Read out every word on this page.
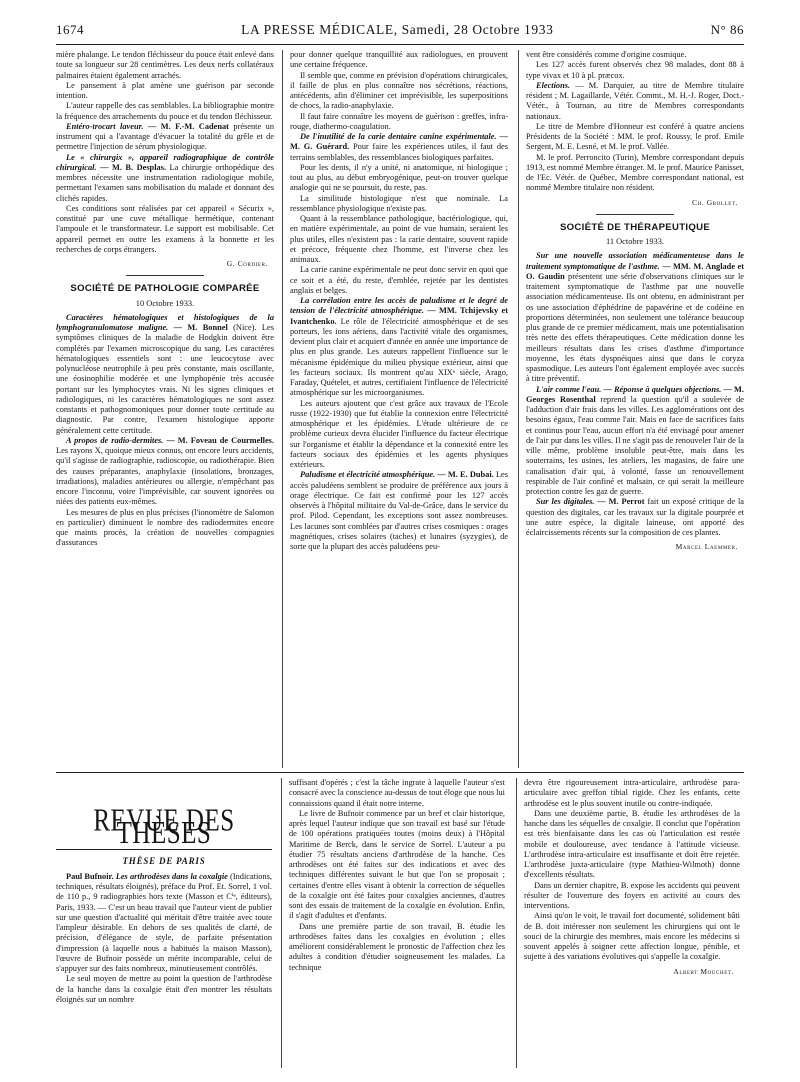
1674	LA PRESSE MÉDICALE, Samedi, 28 Octobre 1933	N° 86

mière phalange. Le tendon fléchisseur du pouce était enlevé dans toute sa longueur sur 28 centimètres. Les deux nerfs collatéraux palmaires étaient également arrachés.

Le pansement à plat amène une guérison par seconde intention.

L'auteur rappelle des cas semblables. La bibliographie montre la fréquence des arrachements du pouce et du tendon fléchisseur.

Entéro-trocart laveur. — M. F.-M. Cadenat présente un instrument qui a l'avantage d'évacuer la totalité du grêle et de permettre l'injection de sérum physiologique.

Le « chirurgix », appareil radiographique de contrôle chirurgical. — M. B. Desplas. La chirurgie orthopédique des membres nécessite une instrumentation radiologique mobile, permettant l'examen sans mobilisation du malade et donnant des clichés rapides.

Ces conditions sont réalisées par cet appareil « Sécurix », constitué par une cuve métallique hermétique, contenant l'ampoule et le transformateur. Le support est mobilisable. Cet appareil permet en outre les examens à la bonnette et les recherches de corps étrangers.

G. Cordier.
SOCIÉTÉ DE PATHOLOGIE COMPARÉE
10 Octobre 1933.

Caractères hématologiques et histologiques de la lymphogranulomatose maligne. — M. Bonnel (Nice). Les symptômes cliniques de la maladie de Hodgkin doivent être complétés par l'examen microscopique du sang. Les caractères hématologiques essentiels sont : une leucocytose avec polynucléose neutrophile à peu près constante, mais oscillante, une éosinophilie modérée et une lymphopénie très accusée portant sur les lymphocytes vrais. Ni les signes cliniques et radiologiques, ni les caractères hématologiques ne sont assez constants et pathognomoniques pour donner toute certitude au diagnostic. Par contre, l'examen histologique apporte généralement cette certitude.

A propos de radio-dermites. — M. Foveau de Courmelles. Les rayons X, quoique mieux connus, ont encore leurs accidents, qu'il s'agisse de radiographie, radioscopie, ou radiothérapie. Bien des causes préparantes, anaphylaxie (insolations, bronzages, irradiations), maladies antérieures ou allergie, n'empêchant pas encore l'inconnu, voire l'imprévisible, car souvent ignorées ou niées des patients eux-mêmes.

Les mesures de plus en plus précises (l'ionomètre de Salomon en particulier) diminuent le nombre des radiodermites encore que maints procès, la création de nouvelles compagnies d'assurances

pour donner quelque tranquillité aux radiologues, en prouvent une certaine fréquence.

Il semble que, comme en prévision d'opérations chirurgicales, il faille de plus en plus connaître nos sécrétions, réactions, antécédents, afin d'éliminer cet imprévisible, les superpositions de chocs, la radio-anaphylaxie.

Il faut faire connaître les moyens de guérison : greffes, infra-rouge, diathermo-coagulation.

De l'inutilité de la carie dentaire canine expérimentale. — M. G. Guérard. Pour faire les expériences utiles, il faut des terrains semblables, des ressemblances biologiques parfaites.

Pour les dents, il n'y a unité, ni anatomique, ni biologique ; tout au plus, au début embryogénique, peut-on trouver quelque analogie qui ne se poursuit, du reste, pas.

La similitude histologique n'est que nominale. La ressemblance physiologique n'existe pas.

Quant à la ressemblance pathologique, bactériologique, qui, en matière expérimentale, au point de vue humain, seraient les plus utiles, elles n'existent pas : la carie dentaire, souvent rapide et précoce, fréquente chez l'homme, est l'inverse chez les animaux.

La carie canine expérimentale ne peut donc servir en quoi que ce soit et a été, du reste, d'emblée, rejetée par les dentistes anglais et belges.

La corrélation entre les accès de paludisme et le degré de tension de l'électricité atmosphérique. — MM. Tchijevsky et Ivantchenko. Le rôle de l'électricité atmosphérique et de ses porteurs, les ions aériens, dans l'activité vitale des organismes, devient plus clair et acquiert d'année en année une importance de plus en plus grande. Les auteurs rappellent l'influence sur le mécanisme épidémique du milieu physique extérieur, ainsi que les facteurs sociaux. Ils montrent qu'au XIXᵉ siècle, Arago, Faraday, Quételet, et autres, certifiaient l'influence de l'électricité atmosphérique sur les microorganismes.

Les auteurs ajoutent que c'est grâce aux travaux de l'Ecole russe (1922-1930) que fut établie la connexion entre l'électricité atmosphérique et les épidémies. L'étude ultérieure de ce problème curieux devra élucider l'influence du facteur électrique sur l'organisme et établir la dépendance et la connexité entre les facteurs sociaux des épidémies et les agents physiques extérieurs.

Paludisme et électricité atmosphérique. — M. E. Dubai. Les accès paludéens semblent se produire de préférence aux jours à orage électrique. Ce fait est confirmé pour les 127 accès observés à l'hôpital militaire du Val-de-Grâce, dans le service du prof. Pilod. Cependant, les exceptions sont assez nombreuses. Les lacunes sont comblées par d'autres crises cosmiques : orages magnétiques, crises solaires (taches) et lunaires (syzygies), de sorte que la plupart des accès paludéens peu-

vent être considérés comme d'origine cosmique.

Les 127 accès furent observés chez 98 malades, dont 88 à type vivax et 10 à pl. præcox.

Elections. — M. Darquier, au titre de Membre titulaire résident ; M. Lagaillarde, Vétér. Commt., M. H.-J. Roger, Doct.-Vétér., à Tournan, au titre de Membres correspondants nationaux.

Le titre de Membre d'Honneur est conféré à quatre anciens Présidents de la Société : MM. le prof. Roussy, le prof. Emile Sergent, M. E. Lesné, et M. le prof. Vallée.

M. le prof. Perroncito (Turin), Membre correspondant depuis 1913, est nommé Membre étranger. M. le prof. Maurice Panisset, de l'Ec. Vétér. de Québec, Membre correspondant national, est nommé Membre titulaire non résident.

Ch. Grollet.
SOCIÉTÉ DE THÉRAPEUTIQUE
11 Octobre 1933.

Sur une nouvelle association médicamenteuse dans le traitement symptomatique de l'asthme. — MM. M. Anglade et O. Gaudin présentent une série d'observations cliniques sur le traitement symptomatique de l'asthme par une nouvelle association médicamenteuse. Ils ont obtenu, en administrant per os une association d'éphédrine de papavérine et de codéine en proportions déterminées, non seulement une tolérance beaucoup plus grande de ce premier médicament, mais une potentialisation très nette des effets thérapeutiques. Cette médication donne les meilleurs résultats dans les crises d'asthme d'importance moyenne, les états dyspnéiques ainsi que dans le coryza spasmodique. Les auteurs l'ont également employée avec succès à titre préventif.

L'air comme l'eau. — Réponse à quelques objections. — M. Georges Rosenthal reprend la question qu'il a soulevée de l'adduction d'air frais dans les villes. Les agglomérations ont des besoins égaux, l'eau comme l'air. Mais en face de sacrifices faits et continus pour l'eau, aucun effort n'a été envisagé pour amener de l'air pur dans les villes. Il ne s'agit pas de renouveler l'air de la ville même, problème insoluble peut-être, mais dans les souterrains, les usines, les ateliers, les magasins, de faire une canalisation d'air qui, à volonté, fasse un renouvellement respirable de l'air confiné et malsain, ce qui serait la meilleure protection contre les gaz de guerre.

Sur les digitales. — M. Perrot fait un exposé critique de la question des digitales, car les travaux sur la digitale pourprée et une autre espèce, la digitale laineuse, ont apporté des éclaircissements récents sur la composition de ces plantes.

Marcel Laemmer.
REVUE DES THÈSES
THÈSE DE PARIS

Paul Bufnoir. Les arthrodèses dans la coxalgie (Indications, techniques, résultats éloignés), préface du Prof. Et. Sorrel, 1 vol. de 110 p., 9 radiographies hors texte (Masson et Cⁱᵉ, éditeurs), Paris, 1933. — C'est un beau travail que l'auteur vient de publier sur une question d'actualité qui méritait d'être traitée avec toute l'ampleur désirable. En dehors de ses qualités de clarté, de précision, d'élégance de style, de parfaite présentation d'impression (à laquelle nous a habitués la maison Masson), l'œuvre de Bufnoir possède un mérite incomparable, celui de s'appuyer sur des faits nombreux, minutieusement contrôlés.

Le seul moyen de mettre au point la question de l'arthrodèse de la hanche dans la coxalgie était d'en montrer les résultats éloignés sur un nombre

suffisant d'opérés ; c'est la tâche ingrate à laquelle l'auteur s'est consacré avec la conscience au-dessus de tout éloge que nous lui connaissions quand il était notre interne.

Le livre de Bufnoir commence par un bref et clair historique, après lequel l'auteur indique que son travail est basé sur l'étude de 100 opérations pratiquées toutes (moins deux) à l'Hôpital Maritime de Berck, dans le service de Sorrel. L'auteur a pu étudier 75 résultats anciens d'arthrodèse de la hanche. Ces arthrodèses ont été faites sur des indications et avec des techniques différentes suivant le but que l'on se proposait ; certaines d'entre elles visant à obtenir la correction de séquelles de la coxalgie ont été faites pour coxalgies anciennes, d'autres sont des essais de traitement de la coxalgie en évolution. Enfin, il s'agit d'adultes et d'enfants.

Dans une première partie de son travail, B. étudie les arthrodèses faites dans les coxalgies en évolution ; elles améliorent considérablement le pronostic de l'affection chez les adultes à condition d'étudier soigneusement les malades. La technique

devra être rigoureusement intra-articulaire, arthrodèse para-articulaire avec greffon tibial rigide. Chez les enfants, cette arthrodèse est le plus souvent inutile ou contre-indiquée.

Dans une deuxième partie, B. étudie les arthrodèses de la hanche dans les séquelles de coxalgie. Il conclut que l'opération est très bienfaisante dans les cas où l'articulation est restée mobile et douloureuse, avec tendance à l'attitude vicieuse. L'arthrodèse intra-articulaire est insuffisante et doit être rejetée. L'arthrodèse juxta-articulaire (type Mathieu-Wilmoth) donne d'excellents résultats.

Dans un dernier chapitre, B. expose les accidents qui peuvent résulter de l'ouverture des foyers en activité au cours des interventions.

Ainsi qu'on le voit, le travail fort documenté, solidement bâti de B. doit intéresser non seulement les chirurgiens qui ont le souci de la chirurgie des membres, mais encore les médecins si souvent appelés à soigner cette affection longue, pénible, et sujette à des variations évolutives qui s'appelle la coxalgie.

Albert Mouchet.
